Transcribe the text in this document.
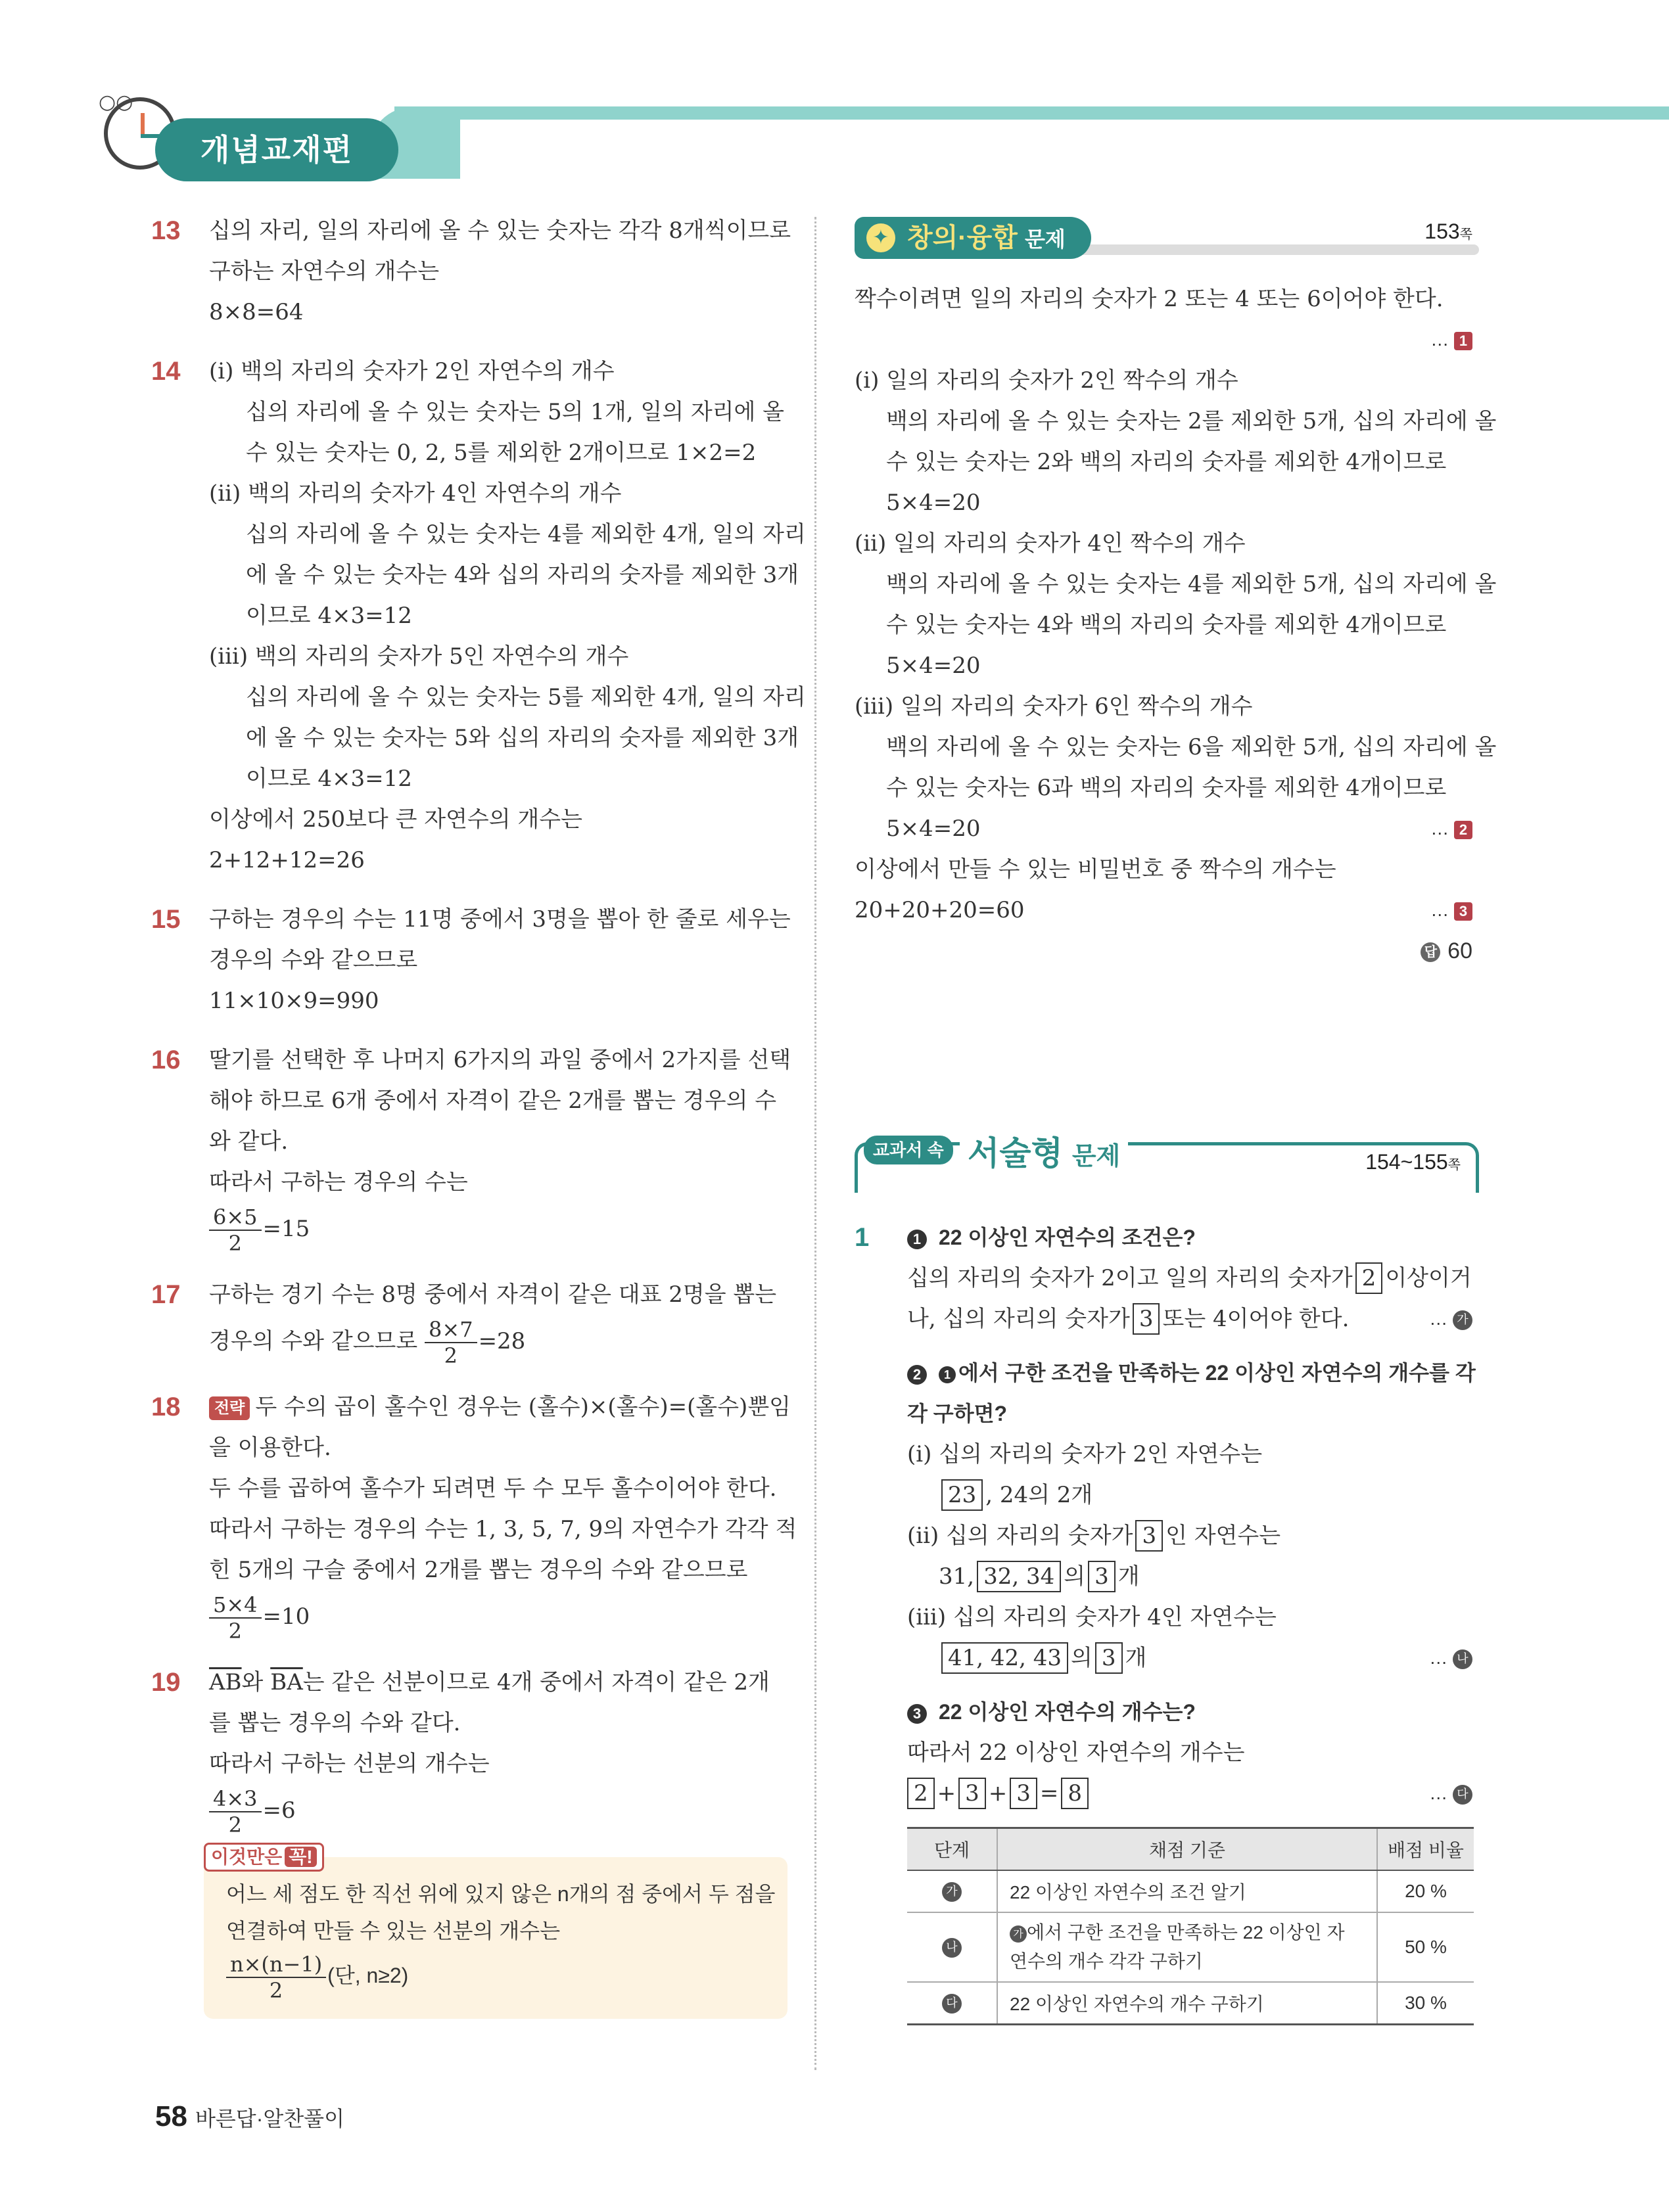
○○
개념교재편
13 십의 자리, 일의 자리에 올 수 있는 숫자는 각각 8개씩이므로
구하는 자연수의 개수는
8×8=64
14 (ⅰ) 백의 자리의 숫자가 2인 자연수의 개수
십의 자리에 올 수 있는 숫자는 5의 1개, 일의 자리에 올
수 있는 숫자는 0, 2, 5를 제외한 2개이므로 1×2=2
(ⅱ) 백의 자리의 숫자가 4인 자연수의 개수
십의 자리에 올 수 있는 숫자는 4를 제외한 4개, 일의 자리
에 올 수 있는 숫자는 4와 십의 자리의 숫자를 제외한 3개
이므로 4×3=12
(ⅲ) 백의 자리의 숫자가 5인 자연수의 개수
십의 자리에 올 수 있는 숫자는 5를 제외한 4개, 일의 자리
에 올 수 있는 숫자는 5와 십의 자리의 숫자를 제외한 3개
이므로 4×3=12
이상에서 250보다 큰 자연수의 개수는
2+12+12=26
15 구하는 경우의 수는 11명 중에서 3명을 뽑아 한 줄로 세우는
경우의 수와 같으므로
11×10×9=990
16 딸기를 선택한 후 나머지 6가지의 과일 중에서 2가지를 선택
해야 하므로 6개 중에서 자격이 같은 2개를 뽑는 경우의 수
와 같다.
따라서 구하는 경우의 수는
$\frac{6\times 5}{2} =15$
17 구하는 경기 수는 8명 중에서 자격이 같은 대표 2명을 뽑는
경우의 수와 같으므로 $\frac{8\times 7}{2} =28$
18	전략 두 수의 곱이 홀수인 경우는 (홀수)×(홀수)=(홀수)뿐임
을 이용한다.
두 수를 곱하여 홀수가 되려면 두 수 모두 홀수이어야 한다.
따라서 구하는 경우의 수는 1, 3, 5, 7, 9의 자연수가 각각 적
힌 5개의 구슬 중에서 2개를 뽑는 경우의 수와 같으므로
$\frac{5\times 4}{2} =10$
19 $\overline{AB}$와 $\overline{BA}$는 같은 선분이므로 4개 중에서 자격이 같은 2개
를 뽑는 경우의 수와 같다.
따라서 구하는 선분의 개수는
$\frac{4\times 3}{2} =6$
이것만은 꼭!
어느 세 점도 한 직선 위에 있지 않은 n개의 점 중에서 두 점을
연결하여 만들 수 있는 선분의 개수는
$\frac{n\times(n-1)}{2}$ (단, n≥2)
창의·융합 문제
✦	153쪽
짝수이려면 일의 자리의 숫자가 2 또는 4 또는 6이어야 한다.
… 1

(ⅰ) 일의 자리의 숫자가 2인 짝수의 개수
백의 자리에 올 수 있는 숫자는 2를 제외한 5개, 십의 자리에 올
수 있는 숫자는 2와 백의 자리의 숫자를 제외한 4개이므로
5×4=20
(ⅱ) 일의 자리의 숫자가 4인 짝수의 개수
백의 자리에 올 수 있는 숫자는 4를 제외한 5개, 십의 자리에 올
수 있는 숫자는 4와 백의 자리의 숫자를 제외한 4개이므로
5×4=20
(ⅲ) 일의 자리의 숫자가 6인 짝수의 개수
백의 자리에 올 수 있는 숫자는 6을 제외한 5개, 십의 자리에 올
수 있는 숫자는 6과 백의 자리의 숫자를 제외한 4개이므로
5×4=20	… 2
이상에서 만들 수 있는 비밀번호 중 짝수의 개수는
20+20+20=60	… 3
답 60
교과서 속 서술형 문제	154~155쪽
1	1 22 이상인 자연수의 조건은?
십의 자리의 숫자가 2이고 일의 자리의 숫자가 2 이상이거
나, 십의 자리의 숫자가 3 또는 4이어야 한다.	… 가
2 1 에서 구한 조건을 만족하는 22 이상인 자연수의 개수를 각
각 구하면?
(ⅰ) 십의 자리의 숫자가 2인 자연수는
23 , 24의 2개
(ⅱ) 십의 자리의 숫자가 3 인 자연수는
31, 32, 34 의 3 개
(ⅲ) 십의 자리의 숫자가 4인 자연수는
41, 42, 43 의 3 개	… 나
3 22 이상인 자연수의 개수는?
따라서 22 이상인 자연수의 개수는
2 + 3 + 3 = 8	… 다
단계	채점 기준	배점 비율
가	22 이상인 자연수의 조건 알기	20 %
나	가 에서 구한 조건을 만족하는 22 이상인 자
연수의 개수 각각 구하기	50 %
다	22 이상인 자연수의 개수 구하기	30 %
58 바른답·알찬풀이
